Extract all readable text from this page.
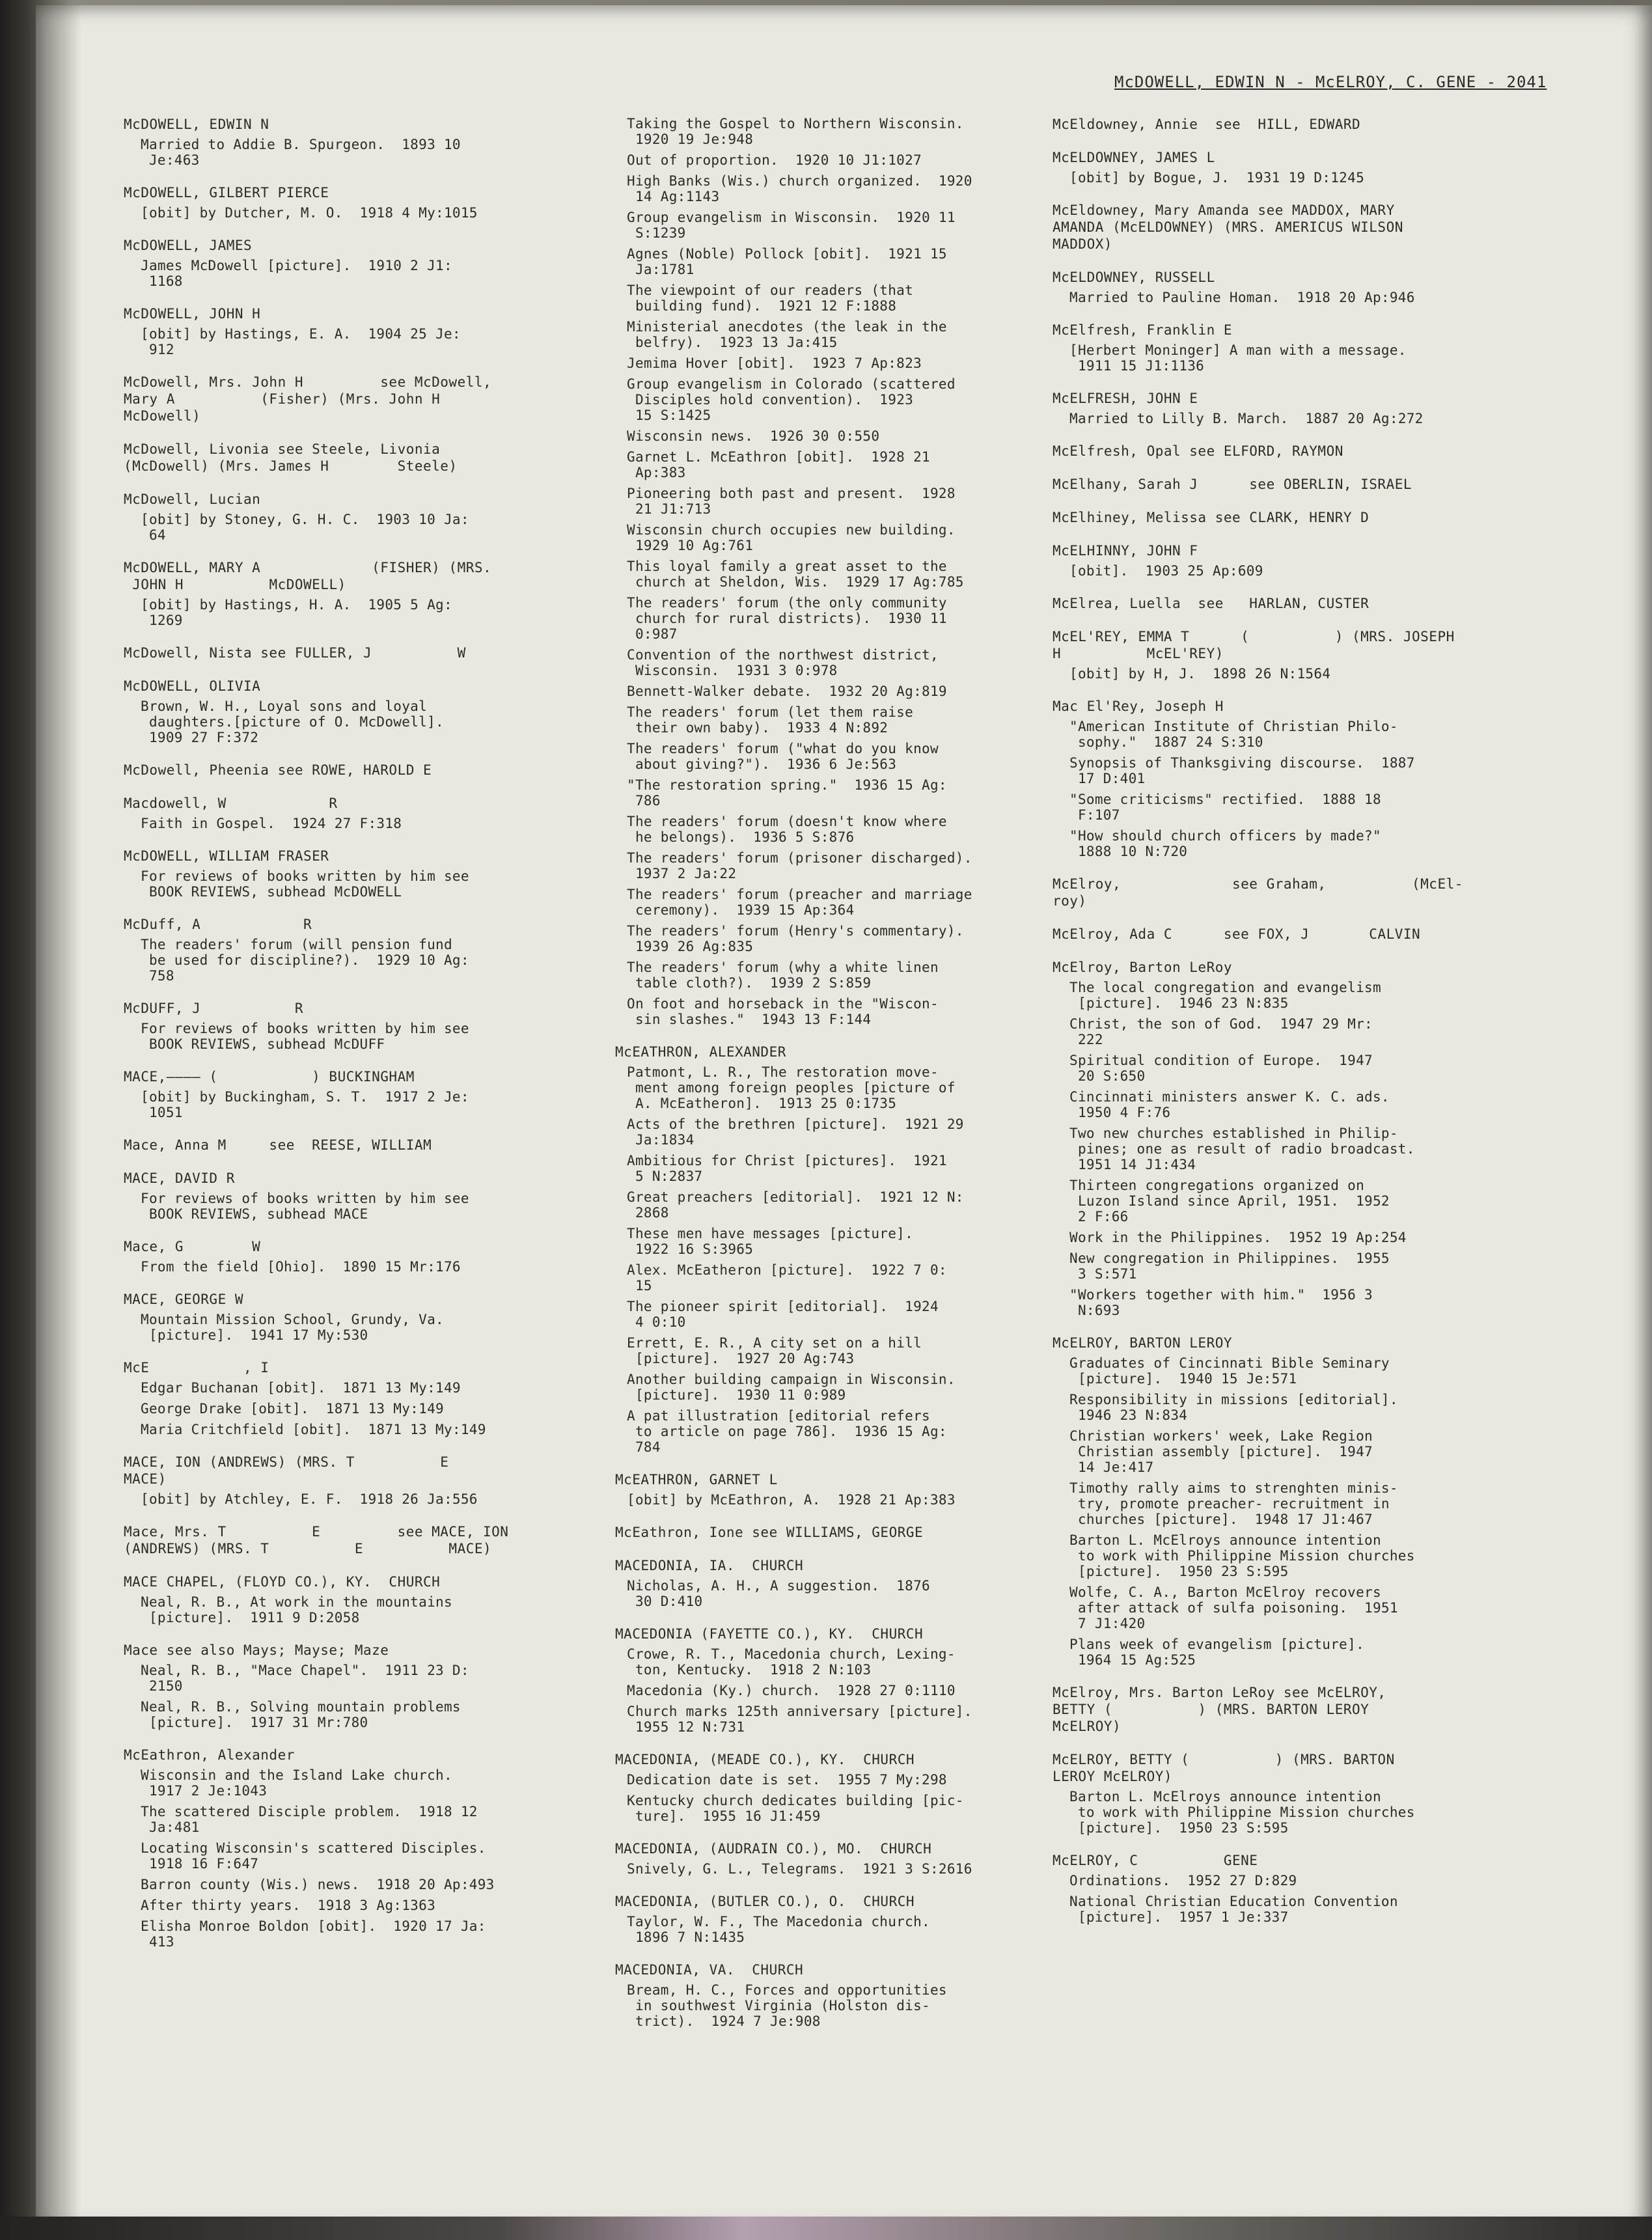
McDOWELL, EDWIN N - McELROY, C. GENE - 2041
McDOWELL, EDWIN N
Married to Addie B. Spurgeon.  1893 10
Je:463
McDOWELL, GILBERT PIERCE
[obit] by Dutcher, M. O.  1918 4 My:1015
McDOWELL, JAMES
James McDowell [picture].  1910 2 J1:
1168
McDOWELL, JOHN H
[obit] by Hastings, E. A.  1904 25 Je:
912
McDowell, Mrs. John H         see McDowell,
Mary A          (Fisher) (Mrs. John H
McDowell)
McDowell, Livonia see Steele, Livonia
(McDowell) (Mrs. James H        Steele)
McDowell, Lucian
[obit] by Stoney, G. H. C.  1903 10 Ja:
64
McDOWELL, MARY A             (FISHER) (MRS.
JOHN H          McDOWELL)
[obit] by Hastings, H. A.  1905 5 Ag:
1269
McDowell, Nista see FULLER, J          W
McDOWELL, OLIVIA
Brown, W. H., Loyal sons and loyal
daughters.[picture of O. McDowell].
1909 27 F:372
McDowell, Pheenia see ROWE, HAROLD E
Macdowell, W            R
Faith in Gospel.  1924 27 F:318
McDOWELL, WILLIAM FRASER
For reviews of books written by him see
BOOK REVIEWS, subhead McDOWELL
McDuff, A            R
The readers' forum (will pension fund
be used for discipline?).  1929 10 Ag:
758
McDUFF, J           R
For reviews of books written by him see
BOOK REVIEWS, subhead McDUFF
MACE,———— (           ) BUCKINGHAM
[obit] by Buckingham, S. T.  1917 2 Je:
1051
Mace, Anna M     see  REESE, WILLIAM
MACE, DAVID R
For reviews of books written by him see
BOOK REVIEWS, subhead MACE
Mace, G        W
From the field [Ohio].  1890 15 Mr:176
MACE, GEORGE W
Mountain Mission School, Grundy, Va.
[picture].  1941 17 My:530
McE           , I
Edgar Buchanan [obit].  1871 13 My:149
George Drake [obit].  1871 13 My:149
Maria Critchfield [obit].  1871 13 My:149
MACE, ION (ANDREWS) (MRS. T          E
MACE)
[obit] by Atchley, E. F.  1918 26 Ja:556
Mace, Mrs. T          E         see MACE, ION
(ANDREWS) (MRS. T          E          MACE)
MACE CHAPEL, (FLOYD CO.), KY.  CHURCH
Neal, R. B., At work in the mountains
[picture].  1911 9 D:2058
Mace see also Mays; Mayse; Maze
Neal, R. B., "Mace Chapel".  1911 23 D:
2150
Neal, R. B., Solving mountain problems
[picture].  1917 31 Mr:780
McEathron, Alexander
Wisconsin and the Island Lake church.
1917 2 Je:1043
The scattered Disciple problem.  1918 12
Ja:481
Locating Wisconsin's scattered Disciples.
1918 16 F:647
Barron county (Wis.) news.  1918 20 Ap:493
After thirty years.  1918 3 Ag:1363
Elisha Monroe Boldon [obit].  1920 17 Ja:
413
Taking the Gospel to Northern Wisconsin.
1920 19 Je:948
Out of proportion.  1920 10 J1:1027
High Banks (Wis.) church organized.  1920
14 Ag:1143
Group evangelism in Wisconsin.  1920 11
S:1239
Agnes (Noble) Pollock [obit].  1921 15
Ja:1781
The viewpoint of our readers (that
building fund).  1921 12 F:1888
Ministerial anecdotes (the leak in the
belfry).  1923 13 Ja:415
Jemima Hover [obit].  1923 7 Ap:823
Group evangelism in Colorado (scattered
Disciples hold convention).  1923
15 S:1425
Wisconsin news.  1926 30 0:550
Garnet L. McEathron [obit].  1928 21
Ap:383
Pioneering both past and present.  1928
21 J1:713
Wisconsin church occupies new building.
1929 10 Ag:761
This loyal family a great asset to the
church at Sheldon, Wis.  1929 17 Ag:785
The readers' forum (the only community
church for rural districts).  1930 11
0:987
Convention of the northwest district,
Wisconsin.  1931 3 0:978
Bennett-Walker debate.  1932 20 Ag:819
The readers' forum (let them raise
their own baby).  1933 4 N:892
The readers' forum ("what do you know
about giving?").  1936 6 Je:563
"The restoration spring."  1936 15 Ag:
786
The readers' forum (doesn't know where
he belongs).  1936 5 S:876
The readers' forum (prisoner discharged).
1937 2 Ja:22
The readers' forum (preacher and marriage
ceremony).  1939 15 Ap:364
The readers' forum (Henry's commentary).
1939 26 Ag:835
The readers' forum (why a white linen
table cloth?).  1939 2 S:859
On foot and horseback in the "Wiscon-
sin slashes."  1943 13 F:144
McEATHRON, ALEXANDER
Patmont, L. R., The restoration move-
ment among foreign peoples [picture of
A. McEatheron].  1913 25 0:1735
Acts of the brethren [picture].  1921 29
Ja:1834
Ambitious for Christ [pictures].  1921
5 N:2837
Great preachers [editorial].  1921 12 N:
2868
These men have messages [picture].
1922 16 S:3965
Alex. McEatheron [picture].  1922 7 0:
15
The pioneer spirit [editorial].  1924
4 0:10
Errett, E. R., A city set on a hill
[picture].  1927 20 Ag:743
Another building campaign in Wisconsin.
[picture].  1930 11 0:989
A pat illustration [editorial refers
to article on page 786].  1936 15 Ag:
784
McEATHRON, GARNET L
[obit] by McEathron, A.  1928 21 Ap:383
McEathron, Ione see WILLIAMS, GEORGE
MACEDONIA, IA.  CHURCH
Nicholas, A. H., A suggestion.  1876
30 D:410
MACEDONIA (FAYETTE CO.), KY.  CHURCH
Crowe, R. T., Macedonia church, Lexing-
ton, Kentucky.  1918 2 N:103
Macedonia (Ky.) church.  1928 27 0:1110
Church marks 125th anniversary [picture].
1955 12 N:731
MACEDONIA, (MEADE CO.), KY.  CHURCH
Dedication date is set.  1955 7 My:298
Kentucky church dedicates building [pic-
ture].  1955 16 J1:459
MACEDONIA, (AUDRAIN CO.), MO.  CHURCH
Snively, G. L., Telegrams.  1921 3 S:2616
MACEDONIA, (BUTLER CO.), O.  CHURCH
Taylor, W. F., The Macedonia church.
1896 7 N:1435
MACEDONIA, VA.  CHURCH
Bream, H. C., Forces and opportunities
in southwest Virginia (Holston dis-
trict).  1924 7 Je:908
McEldowney, Annie  see  HILL, EDWARD
McELDOWNEY, JAMES L
[obit] by Bogue, J.  1931 19 D:1245
McEldowney, Mary Amanda see MADDOX, MARY
AMANDA (McELDOWNEY) (MRS. AMERICUS WILSON
MADDOX)
McELDOWNEY, RUSSELL
Married to Pauline Homan.  1918 20 Ap:946
McElfresh, Franklin E
[Herbert Moninger] A man with a message.
1911 15 J1:1136
McELFRESH, JOHN E
Married to Lilly B. March.  1887 20 Ag:272
McElfresh, Opal see ELFORD, RAYMON
McElhany, Sarah J      see OBERLIN, ISRAEL
McElhiney, Melissa see CLARK, HENRY D
McELHINNY, JOHN F
[obit].  1903 25 Ap:609
McElrea, Luella  see   HARLAN, CUSTER
McEL'REY, EMMA T      (          ) (MRS. JOSEPH
H          McEL'REY)
[obit] by H, J.  1898 26 N:1564
Mac El'Rey, Joseph H
"American Institute of Christian Philo-
sophy."  1887 24 S:310
Synopsis of Thanksgiving discourse.  1887
17 D:401
"Some criticisms" rectified.  1888 18
F:107
"How should church officers by made?"
1888 10 N:720
McElroy,             see Graham,          (McEl-
roy)
McElroy, Ada C      see FOX, J       CALVIN
McElroy, Barton LeRoy
The local congregation and evangelism
[picture].  1946 23 N:835
Christ, the son of God.  1947 29 Mr:
222
Spiritual condition of Europe.  1947
20 S:650
Cincinnati ministers answer K. C. ads.
1950 4 F:76
Two new churches established in Philip-
pines; one as result of radio broadcast.
1951 14 J1:434
Thirteen congregations organized on
Luzon Island since April, 1951.  1952
2 F:66
Work in the Philippines.  1952 19 Ap:254
New congregation in Philippines.  1955
3 S:571
"Workers together with him."  1956 3
N:693
McELROY, BARTON LEROY
Graduates of Cincinnati Bible Seminary
[picture].  1940 15 Je:571
Responsibility in missions [editorial].
1946 23 N:834
Christian workers' week, Lake Region
Christian assembly [picture].  1947
14 Je:417
Timothy rally aims to strenghten minis-
try, promote preacher- recruitment in
churches [picture].  1948 17 J1:467
Barton L. McElroys announce intention
to work with Philippine Mission churches
[picture].  1950 23 S:595
Wolfe, C. A., Barton McElroy recovers
after attack of sulfa poisoning.  1951
7 J1:420
Plans week of evangelism [picture].
1964 15 Ag:525
McElroy, Mrs. Barton LeRoy see McELROY,
BETTY (          ) (MRS. BARTON LEROY
McELROY)
McELROY, BETTY (          ) (MRS. BARTON
LEROY McELROY)
Barton L. McElroys announce intention
to work with Philippine Mission churches
[picture].  1950 23 S:595
McELROY, C          GENE
Ordinations.  1952 27 D:829
National Christian Education Convention
[picture].  1957 1 Je:337
